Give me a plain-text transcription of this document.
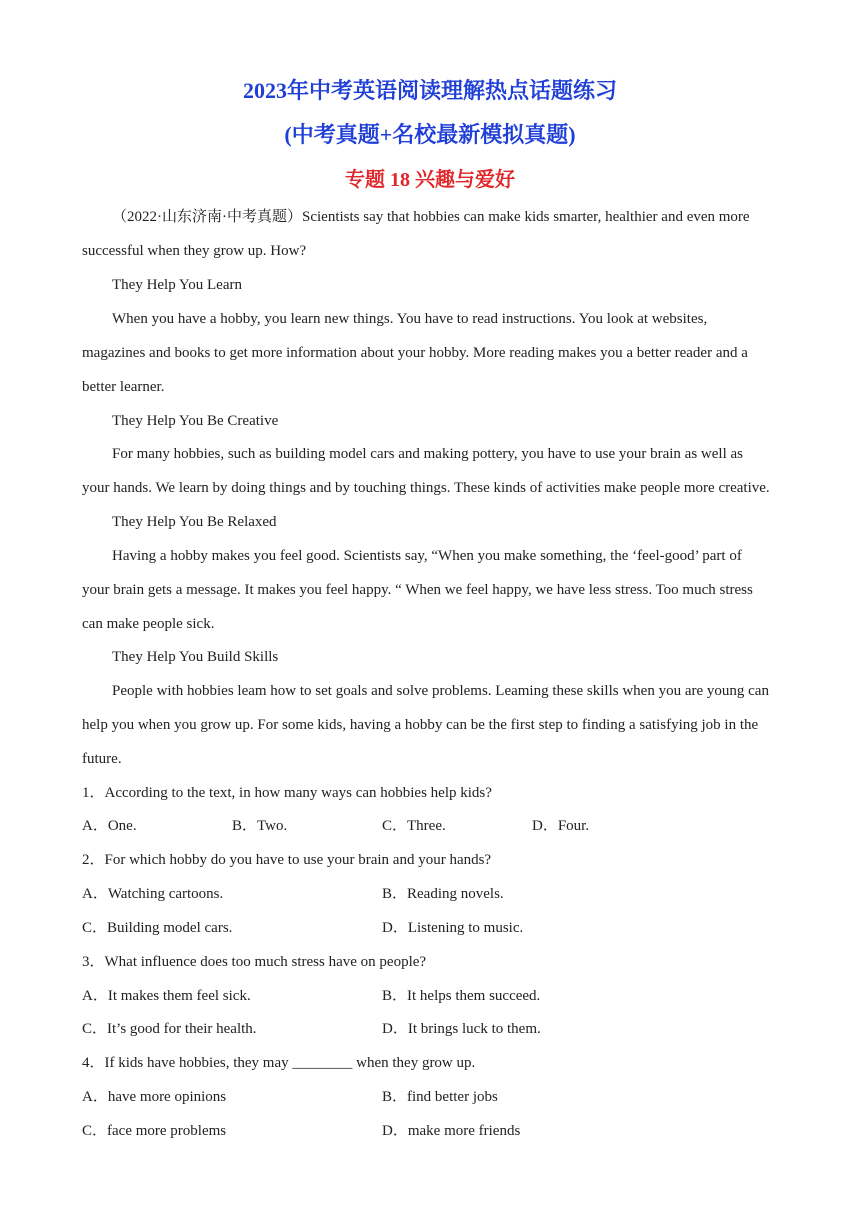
2023年中考英语阅读理解热点话题练习
(中考真题+名校最新模拟真题)
专题 18 兴趣与爱好
（2022·山东济南·中考真题）Scientists say that hobbies can make kids smarter, healthier and even more
successful when they grow up. How?
They Help You Learn
When you have a hobby, you learn new things. You have to read instructions. You look at websites,
magazines and books to get more information about your hobby. More reading makes you a better reader and a
better learner.
They Help You Be Creative
For many hobbies, such as building model cars and making pottery, you have to use your brain as well as
your hands. We learn by doing things and by touching things. These kinds of activities make people more creative.
They Help You Be Relaxed
Having a hobby makes you feel good. Scientists say, “When you make something, the ‘feel-good’ part of
your brain gets a message. It makes you feel happy. “ When we feel happy, we have less stress. Too much stress
can make people sick.
They Help You Build Skills
People with hobbies leam how to set goals and solve problems. Leaming these skills when you are young can
help you when you grow up. For some kids, having a hobby can be the first step to finding a satisfying job in the
future.
1．According to the text, in how many ways can hobbies help kids?
A．One.	B．Two.	C．Three.	D．Four.
2．For which hobby do you have to use your brain and your hands?
A．Watching cartoons.	B．Reading novels.
C．Building model cars.	D．Listening to music.
3．What influence does too much stress have on people?
A．It makes them feel sick.	B．It helps them succeed.
C．It’s good for their health.	D．It brings luck to them.
4．If kids have hobbies, they may ________ when they grow up.
A．have more opinions	B．find better jobs
C．face more problems	D．make more friends
